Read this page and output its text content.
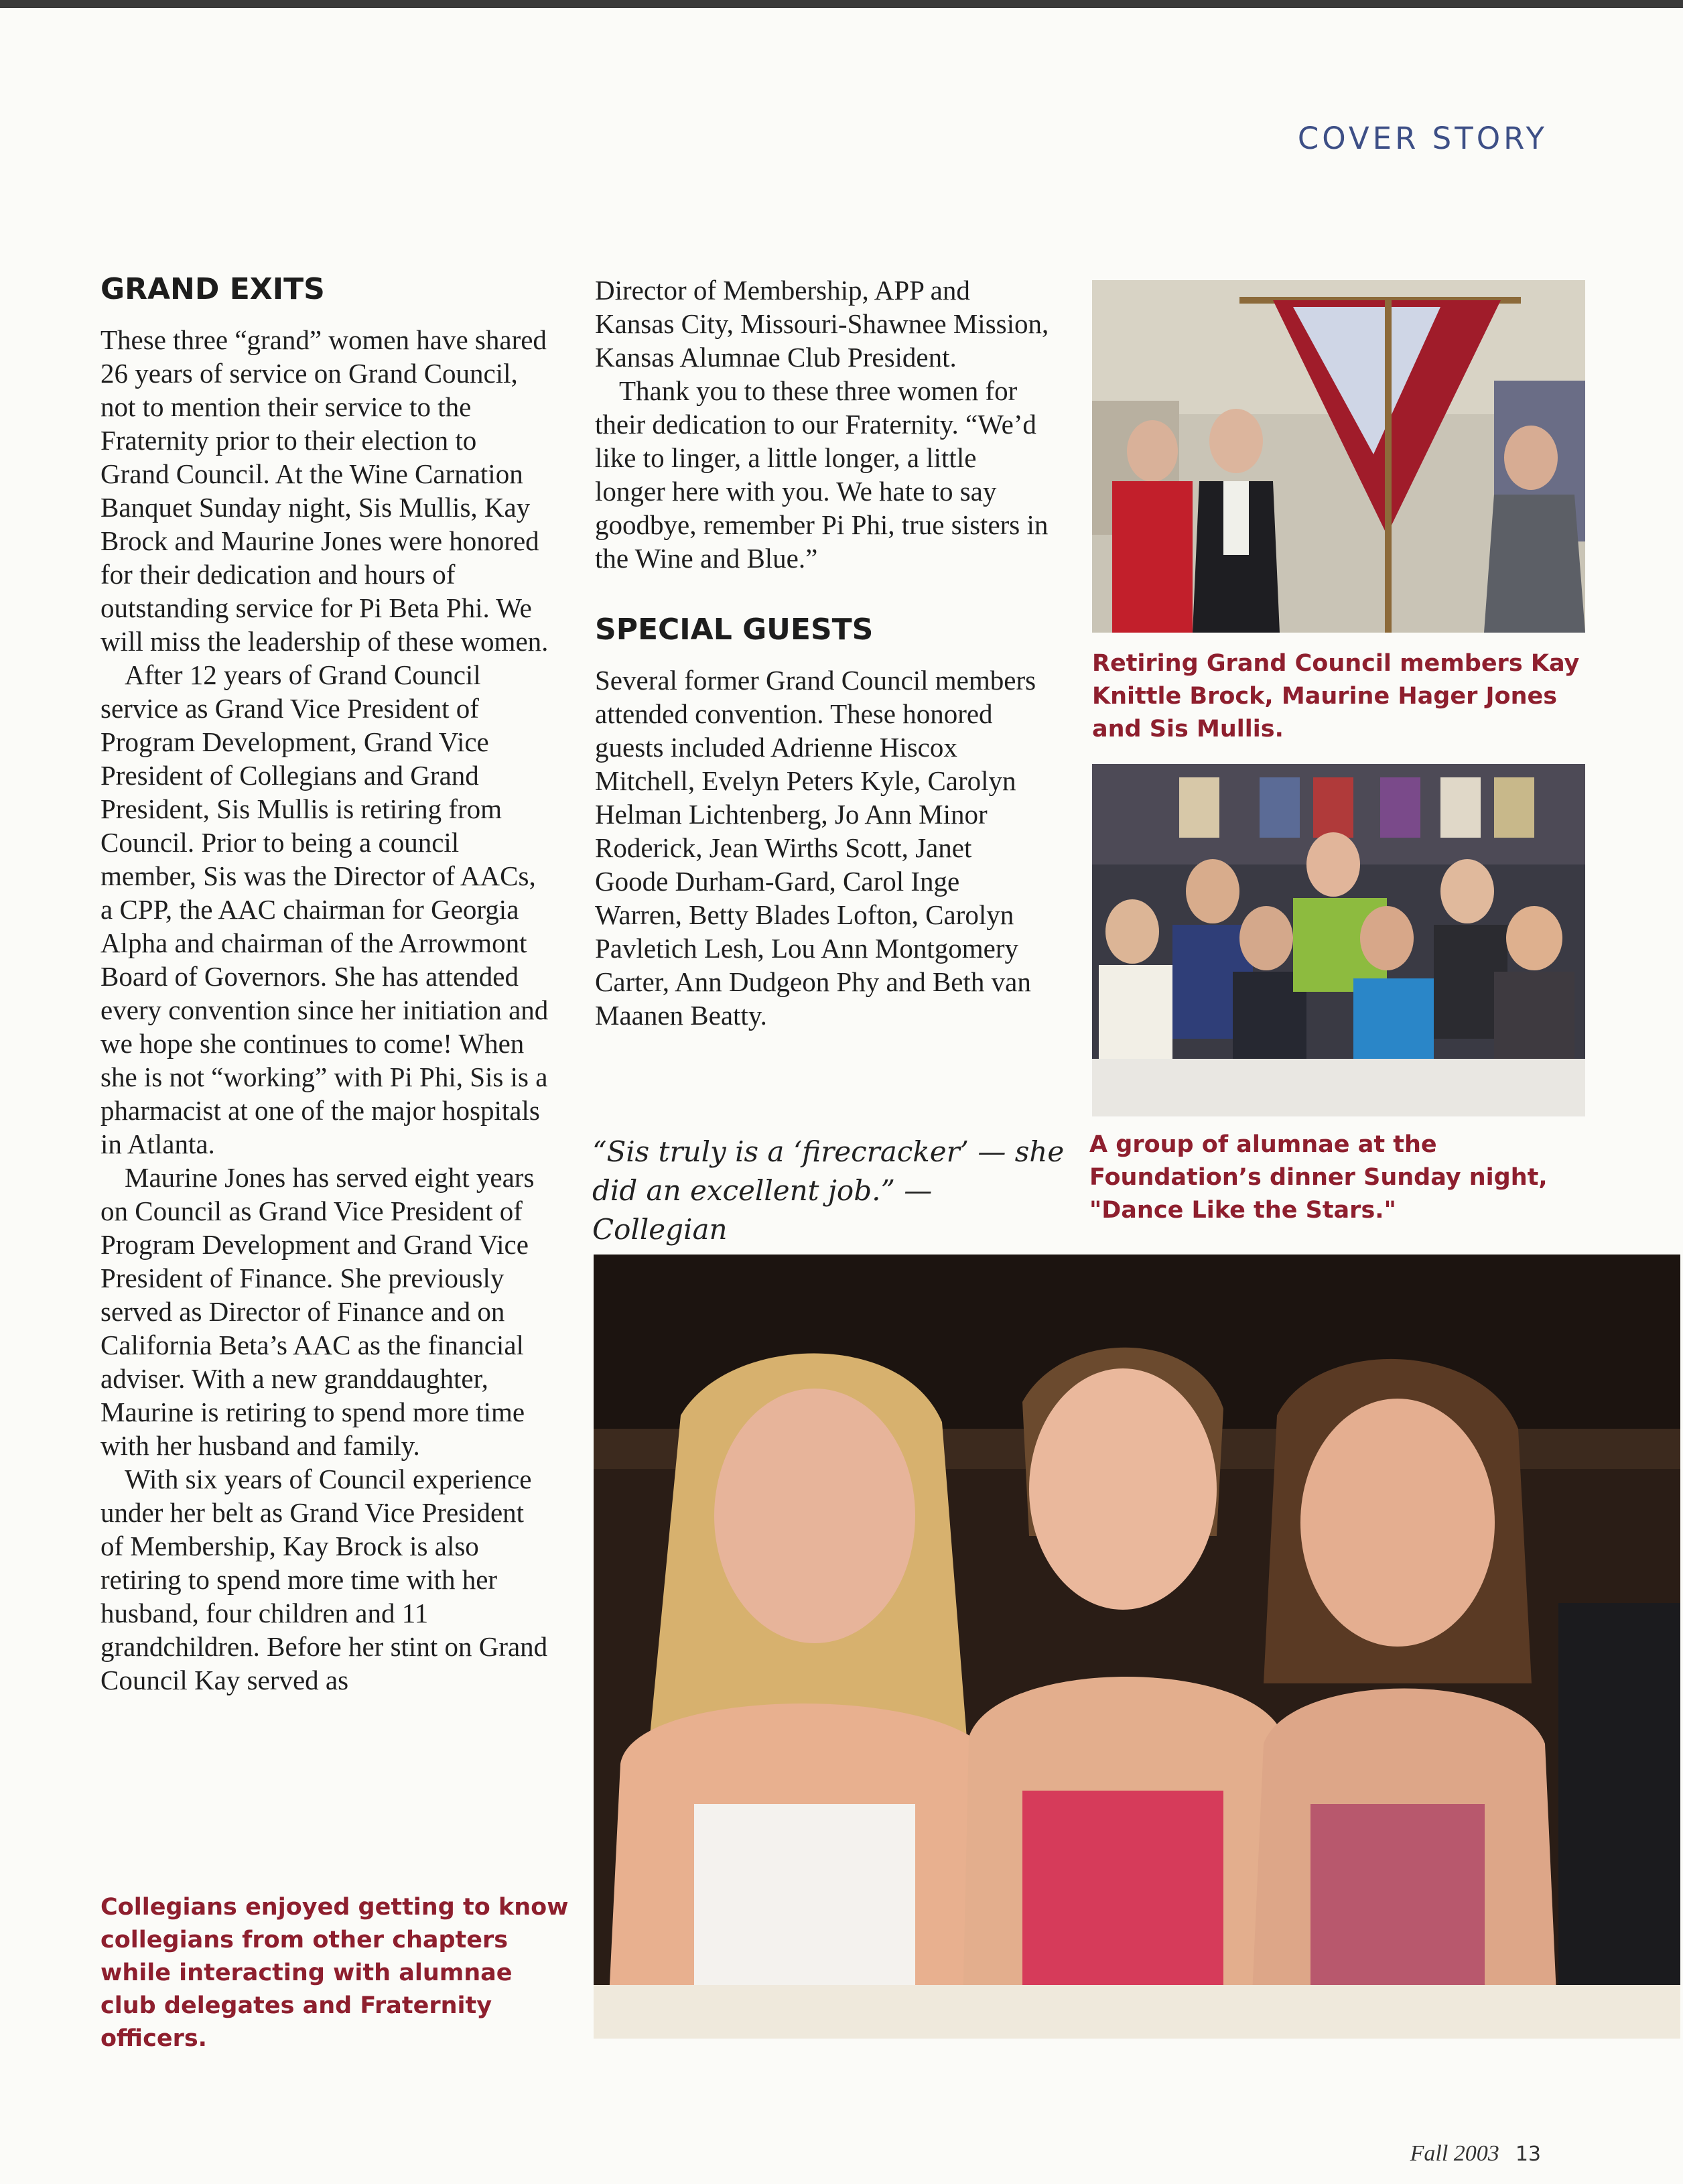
COVER STORY
GRAND EXITS

These three “grand” women have shared 26 years of service on Grand Council, not to mention their service to the Fraternity prior to their election to Grand Council. At the Wine Carnation Banquet Sunday night, Sis Mullis, Kay Brock and Maurine Jones were honored for their dedication and hours of outstanding service for Pi Beta Phi. We will miss the leadership of these women.

After 12 years of Grand Council service as Grand Vice President of Program Development, Grand Vice President of Collegians and Grand President, Sis Mullis is retiring from Council. Prior to being a council member, Sis was the Director of AACs, a CPP, the AAC chairman for Georgia Alpha and chairman of the Arrowmont Board of Governors. She has attended every convention since her initiation and we hope she continues to come! When she is not “working” with Pi Phi, Sis is a pharmacist at one of the major hospitals in Atlanta.

Maurine Jones has served eight years on Council as Grand Vice President of Program Development and Grand Vice President of Finance. She previously served as Director of Finance and on California Beta’s AAC as the financial adviser. With a new granddaughter, Maurine is retiring to spend more time with her husband and family.

With six years of Council experience under her belt as Grand Vice President of Membership, Kay Brock is also retiring to spend more time with her husband, four children and 11 grandchildren. Before her stint on Grand Council Kay served as

Collegians enjoyed getting to know collegians from other chapters while interacting with alumnae club delegates and Fraternity officers.

Director of Membership, APP and Kansas City, Missouri-Shawnee Mission, Kansas Alumnae Club President.

Thank you to these three women for their dedication to our Fraternity. “We’d like to linger, a little longer, a little longer here with you. We hate to say goodbye, remember Pi Phi, true sisters in the Wine and Blue.”

SPECIAL GUESTS

Several former Grand Council members attended convention. These honored guests included Adrienne Hiscox Mitchell, Evelyn Peters Kyle, Carolyn Helman Lichtenberg, Jo Ann Minor Roderick, Jean Wirths Scott, Janet Goode Durham-Gard, Carol Inge Warren, Betty Blades Lofton, Carolyn Pavletich Lesh, Lou Ann Montgomery Carter, Ann Dudgeon Phy and Beth van Maanen Beatty.

“Sis truly is a ‘firecracker’ — she did an excellent job.” — Collegian
Retiring Grand Council members Kay Knittle Brock, Maurine Hager Jones and Sis Mullis.
A group of alumnae at the Foundation’s dinner Sunday night, "Dance Like the Stars."
Fall 2003 13
